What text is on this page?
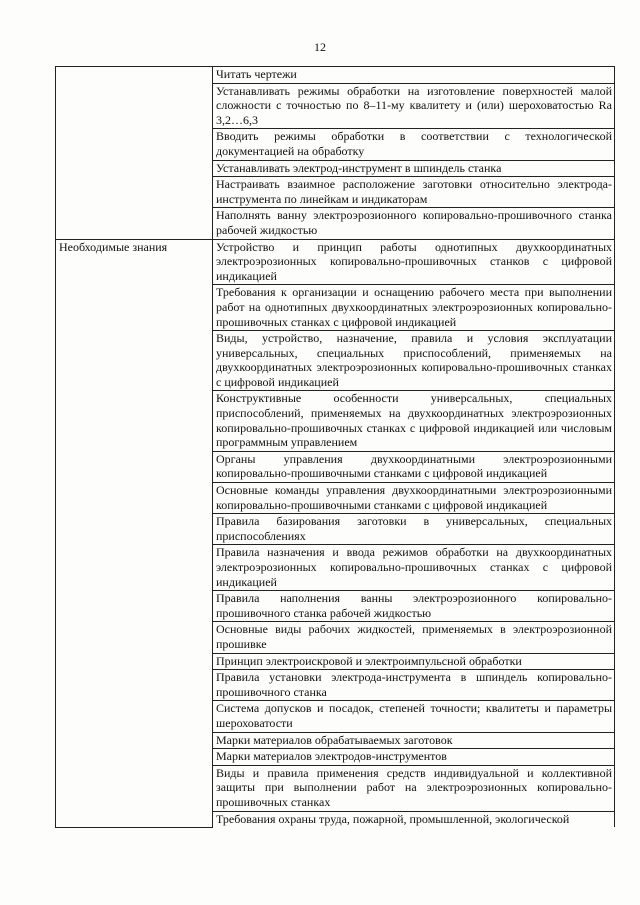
12
	Читать чертежи
	Устанавливать режимы обработки на изготовление поверхностей малой сложности с точностью по 8–11-му квалитету и (или) шероховатостью Ra 3,2…6,3
	Вводить режимы обработки в соответствии с технологической документацией на обработку
	Устанавливать электрод-инструмент в шпиндель станка
	Настраивать взаимное расположение заготовки относительно электрода-инструмента по линейкам и индикаторам
	Наполнять ванну электроэрозионного копировально-прошивочного станка рабочей жидкостью
Необходимые знания	Устройство и принцип работы однотипных двухкоординатных электроэрозионных копировально-прошивочных станков с цифровой индикацией
	Требования к организации и оснащению рабочего места при выполнении работ на однотипных двухкоординатных электроэрозионных копировально-прошивочных станках с цифровой индикацией
	Виды, устройство, назначение, правила и условия эксплуатации универсальных, специальных приспособлений, применяемых на двухкоординатных электроэрозионных копировально-прошивочных станках с цифровой индикацией
	Конструктивные особенности универсальных, специальных приспособлений, применяемых на двухкоординатных электроэрозионных копировально-прошивочных станках с цифровой индикацией или числовым программным управлением
	Органы управления двухкоординатными электроэрозионными копировально-прошивочными станками с цифровой индикацией
	Основные команды управления двухкоординатными электроэрозионными копировально-прошивочными станками с цифровой индикацией
	Правила базирования заготовки в универсальных, специальных приспособлениях
	Правила назначения и ввода режимов обработки на двухкоординатных электроэрозионных копировально-прошивочных станках с цифровой индикацией
	Правила наполнения ванны электроэрозионного копировально-прошивочного станка рабочей жидкостью
	Основные виды рабочих жидкостей, применяемых в электроэрозионной прошивке
	Принцип электроискровой и электроимпульсной обработки
	Правила установки электрода-инструмента в шпиндель копировально-прошивочного станка
	Система допусков и посадок, степеней точности; квалитеты и параметры шероховатости
	Марки материалов обрабатываемых заготовок
	Марки материалов электродов-инструментов
	Виды и правила применения средств индивидуальной и коллективной защиты при выполнении работ на электроэрозионных копировально-прошивочных станках
	Требования охраны труда, пожарной, промышленной, экологической
